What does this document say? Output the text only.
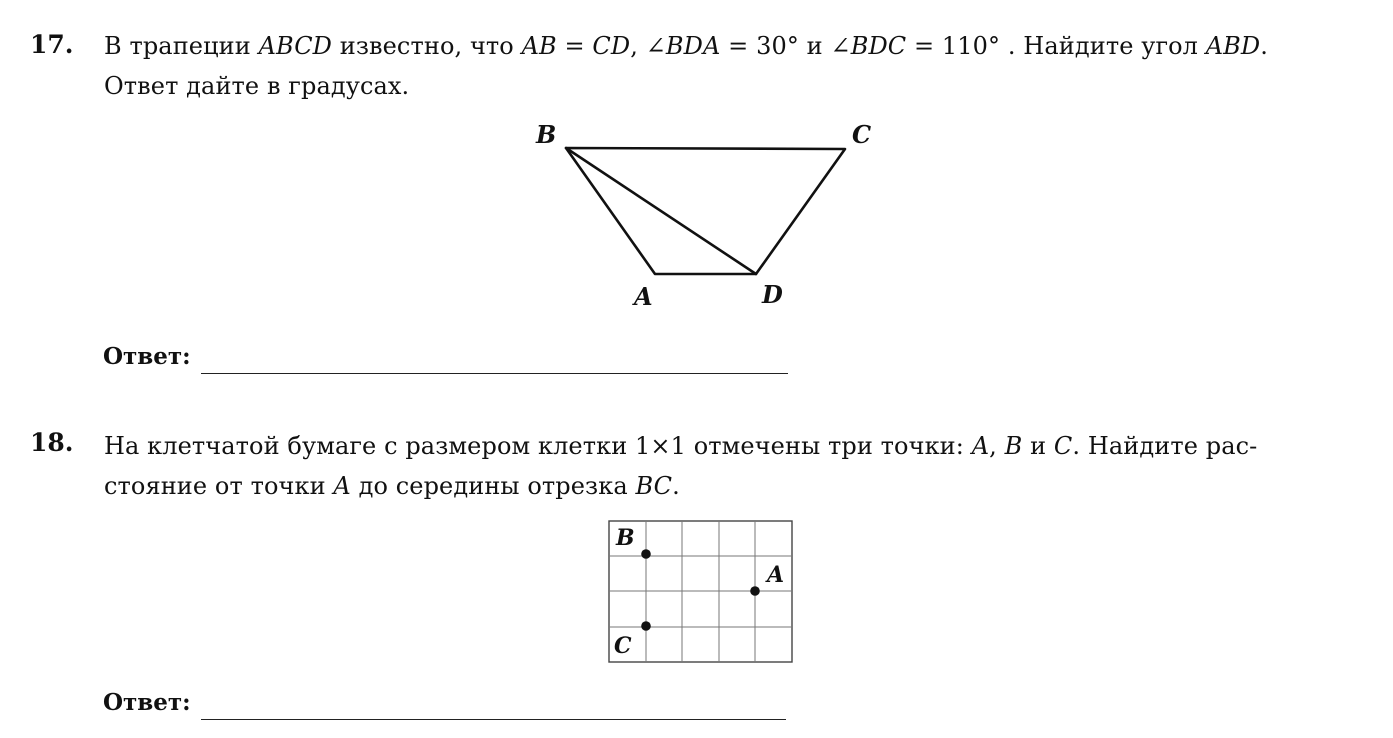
17. В трапеции ABCD известно, что AB = CD, ∠BDA = 30° и ∠BDC = 110° . Найдите угол ABD.
Ответ дайте в градусах.
18. На клетчатой бумаге с размером клетки 1×1 отмечены три точки: A, B и C. Найдите рас-
стояние от точки A до середины отрезка BC.
B	C
A	D
B
A
C
Ответ:
Ответ:
